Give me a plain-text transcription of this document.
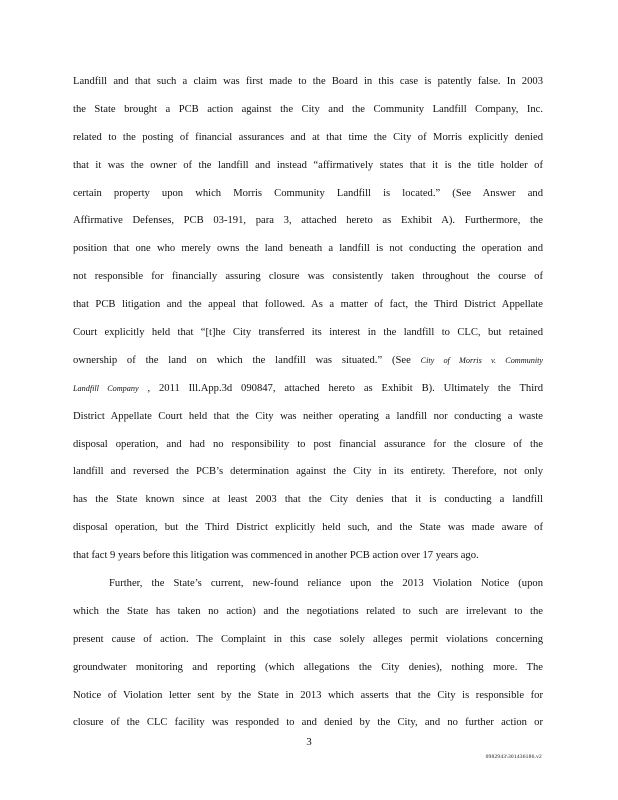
Landfill and that such a claim was first made to the Board in this case is patently false. In 2003
the State brought a PCB action against the City and the Community Landfill Company, Inc.
related to the posting of financial assurances and at that time the City of Morris explicitly denied
that it was the owner of the landfill and instead “affirmatively states that it is the title holder of
certain property upon which Morris Community Landfill is located.” (See Answer and
Affirmative Defenses, PCB 03-191, para 3, attached hereto as Exhibit A). Furthermore, the
position that one who merely owns the land beneath a landfill is not conducting the operation and
not responsible for financially assuring closure was consistently taken throughout the course of
that PCB litigation and the appeal that followed. As a matter of fact, the Third District Appellate
Court explicitly held that “[t]he City transferred its interest in the landfill to CLC, but retained
ownership of the land on which the landfill was situated.” (See City of Morris v. Community
Landfill Company , 2011 Ill.App.3d 090847, attached hereto as Exhibit B). Ultimately the Third
District Appellate Court held that the City was neither operating a landfill nor conducting a waste
disposal operation, and had no responsibility to post financial assurance for the closure of the
landfill and reversed the PCB’s determination against the City in its entirety. Therefore, not only
has the State known since at least 2003 that the City denies that it is conducting a landfill
disposal operation, but the Third District explicitly held such, and the State was made aware of
that fact 9 years before this litigation was commenced in another PCB action over 17 years ago.
Further, the State’s current, new-found reliance upon the 2013 Violation Notice (upon
which the State has taken no action) and the negotiations related to such are irrelevant to the
present cause of action. The Complaint in this case solely alleges permit violations concerning
groundwater monitoring and reporting (which allegations the City denies), nothing more. The
Notice of Violation letter sent by the State in 2013 which asserts that the City is responsible for
closure of the CLC facility was responded to and denied by the City, and no further action or
3
0982943\301436186.v2
